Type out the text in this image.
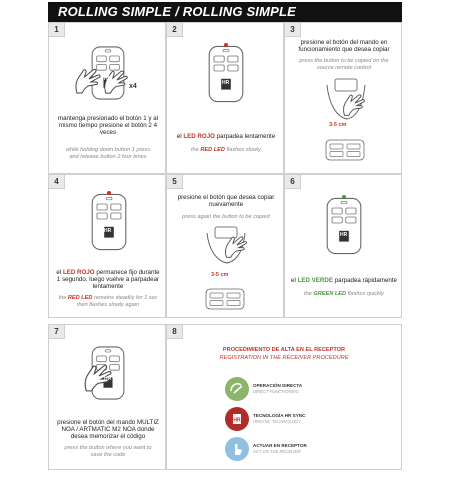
ROLLING SIMPLE / ROLLING SIMPLE
1
x4
mantenga presionado el botón 1 y al mismo tiempo presione el botón 2 4 veces
while holding down button 1 press and release button 2 four times
2
el LED ROJO parpadea lentamente
the RED LED flashes slowly
3
presione el botón del mando en funcionamiento que desea copiar
press the button to be copied on the source remote control
3-5 cm
4
el LED ROJO permanece fijo durante 1 segundo, luego vuelve a parpadear lentamente
the RED LED remains steadily for 1 sec then flashes slowly again
5
presione el botón que desea copiar nuevamente
press again the button to be copied
3-5 cm
6
el LED VERDE parpadea rápidamente
the GREEN LED flashes quickly
7
presione el botón del mando MULTIZ NOA / ARTMATIC M2 NOA donde desea memorizar el código
press the button where you want to save the code
8
PROCEDIMIENTO DE ALTA EN EL RECEPTOR
REGISTRATION IN THE RECEIVER PROCEDURE
OPERACIÓN DIRECTA
DIRECT FUNCTIONING
HR
TECNOLOGÍA HR SYNC
HRSYNC TECHNOLOGY
ACTUAR EN RECEPTOR
ACT ON THE RECEIVER
HR
HR
HR
HR
HR
